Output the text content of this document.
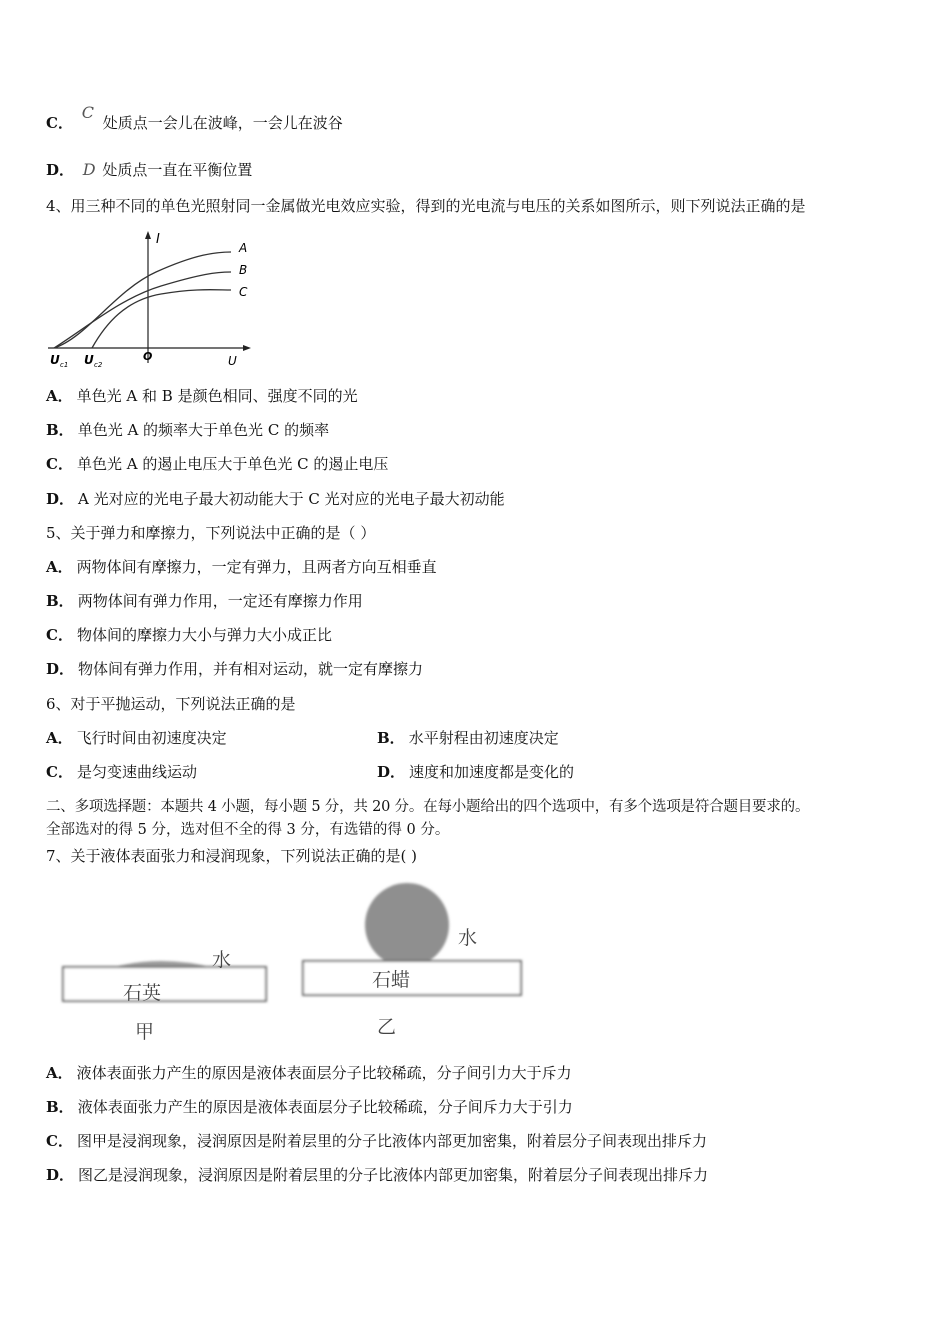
C． C 处质点一会儿在波峰，一会儿在波谷
D． D 处质点一直在平衡位置
4、用三种不同的单色光照射同一金属做光电效应实验，得到的光电流与电压的关系如图所示，则下列说法正确的是
I
A
B
C
O	U
U c1 U c2
A． 单色光 A 和 B 是颜色相同、强度不同的光
B． 单色光 A 的频率大于单色光 C 的频率
C． 单色光 A 的遏止电压大于单色光 C 的遏止电压
D． A 光对应的光电子最大初动能大于 C 光对应的光电子最大初动能
5、关于弹力和摩擦力，下列说法中正确的是（ ）
A． 两物体间有摩擦力，一定有弹力，且两者方向互相垂直
B． 两物体间有弹力作用，一定还有摩擦力作用
C． 物体间的摩擦力大小与弹力大小成正比
D． 物体间有弹力作用，并有相对运动，就一定有摩擦力
6、对于平抛运动，下列说法正确的是
A． 飞行时间由初速度决定	B． 水平射程由初速度决定
C． 是匀变速曲线运动	D． 速度和加速度都是变化的
二、多项选择题：本题共 4 小题，每小题 5 分，共 20 分。在每小题给出的四个选项中，有多个选项是符合题目要求的。
全部选对的得 5 分，选对但不全的得 3 分，有选错的得 0 分。
7、关于液体表面张力和浸润现象，下列说法正确的是( )
水
石英
甲
水
石蜡
乙
A． 液体表面张力产生的原因是液体表面层分子比较稀疏，分子间引力大于斥力
B． 液体表面张力产生的原因是液体表面层分子比较稀疏，分子间斥力大于引力
C． 图甲是浸润现象，浸润原因是附着层里的分子比液体内部更加密集，附着层分子间表现出排斥力
D． 图乙是浸润现象，浸润原因是附着层里的分子比液体内部更加密集，附着层分子间表现出排斥力
